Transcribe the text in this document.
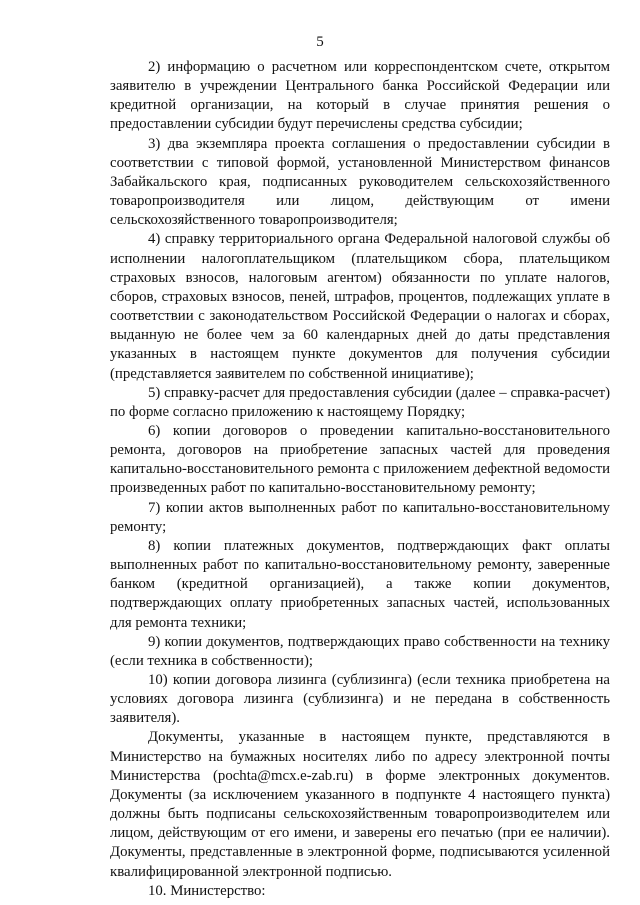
5

2) информацию о расчетном или корреспондентском счете, открытом заявителю в учреждении Центрального банка Российской Федерации или кредитной организации, на который в случае принятия решения о предоставлении субсидии будут перечислены средства субсидии;

3) два экземпляра проекта соглашения о предоставлении субсидии в соответствии с типовой формой, установленной Министерством финансов Забайкальского края, подписанных руководителем сельскохозяйственного товаропроизводителя или лицом, действующим от имени сельскохозяйственного товаропроизводителя;

4) справку территориального органа Федеральной налоговой службы об исполнении налогоплательщиком (плательщиком сбора, плательщиком страховых взносов, налоговым агентом) обязанности по уплате налогов, сборов, страховых взносов, пеней, штрафов, процентов, подлежащих уплате в соответствии с законодательством Российской Федерации о налогах и сборах, выданную не более чем за 60 календарных дней до даты представления указанных в настоящем пункте документов для получения субсидии (представляется заявителем по собственной инициативе);

5) справку-расчет для предоставления субсидии (далее – справка-расчет) по форме согласно приложению к настоящему Порядку;

6) копии договоров о проведении капитально-восстановительного ремонта, договоров на приобретение запасных частей для проведения капитально-восстановительного ремонта с приложением дефектной ведомости произведенных работ по капитально-восстановительному ремонту;

7) копии актов выполненных работ по капитально-восстановительному ремонту;

8) копии платежных документов, подтверждающих факт оплаты выполненных работ по капитально-восстановительному ремонту, заверенные банком (кредитной организацией), а также копии документов, подтверждающих оплату приобретенных запасных частей, использованных для ремонта техники;

9) копии документов, подтверждающих право собственности на технику (если техника в собственности);

10) копии договора лизинга (сублизинга) (если техника приобретена на условиях договора лизинга (сублизинга) и не передана в собственность заявителя).

Документы, указанные в настоящем пункте, представляются в Министерство на бумажных носителях либо по адресу электронной почты Министерства (pochta@mcx.e-zab.ru) в форме электронных документов. Документы (за исключением указанного в подпункте 4 настоящего пункта) должны быть подписаны сельскохозяйственным товаропроизводителем или лицом, действующим от его имени, и заверены его печатью (при ее наличии). Документы, представленные в электронной форме, подписываются усиленной квалифицированной электронной подписью.

10. Министерство:
